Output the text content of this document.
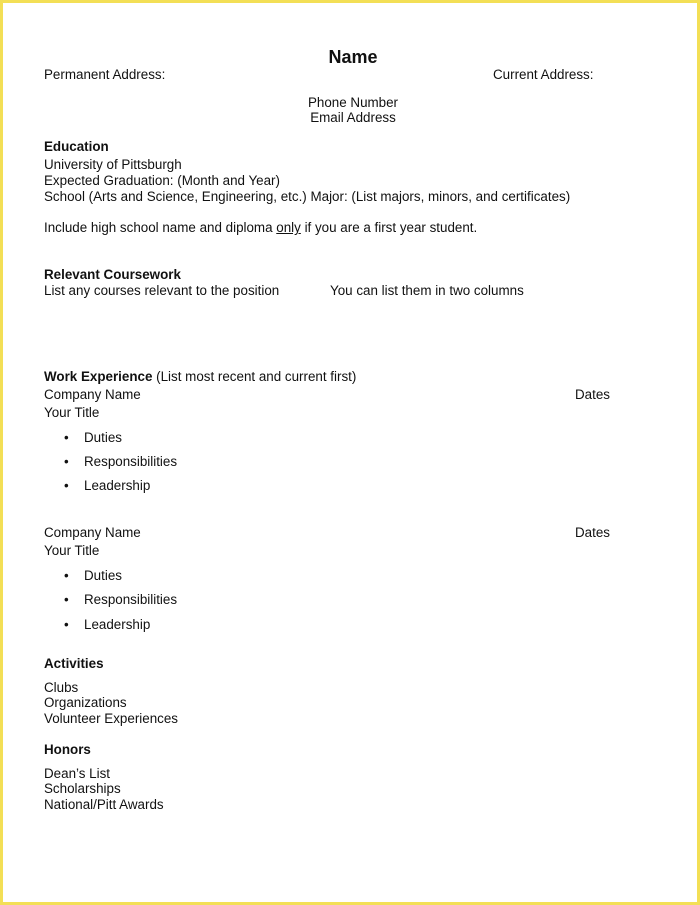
Name
Permanent Address:	Current Address:
Phone Number
Email Address
Education
University of Pittsburgh
Expected Graduation: (Month and Year)
School (Arts and Science, Engineering, etc.) Major: (List majors, minors, and certificates)
Include high school name and diploma only if you are a first year student.
Relevant Coursework
List any courses relevant to the position	You can list them in two columns
Work Experience (List most recent and current first)
Company Name	Dates
Your Title
• Duties
• Responsibilities
• Leadership
Company Name	Dates
Your Title
• Duties
• Responsibilities
• Leadership
Activities
Clubs
Organizations
Volunteer Experiences
Honors
Dean’s List
Scholarships
National/Pitt Awards
